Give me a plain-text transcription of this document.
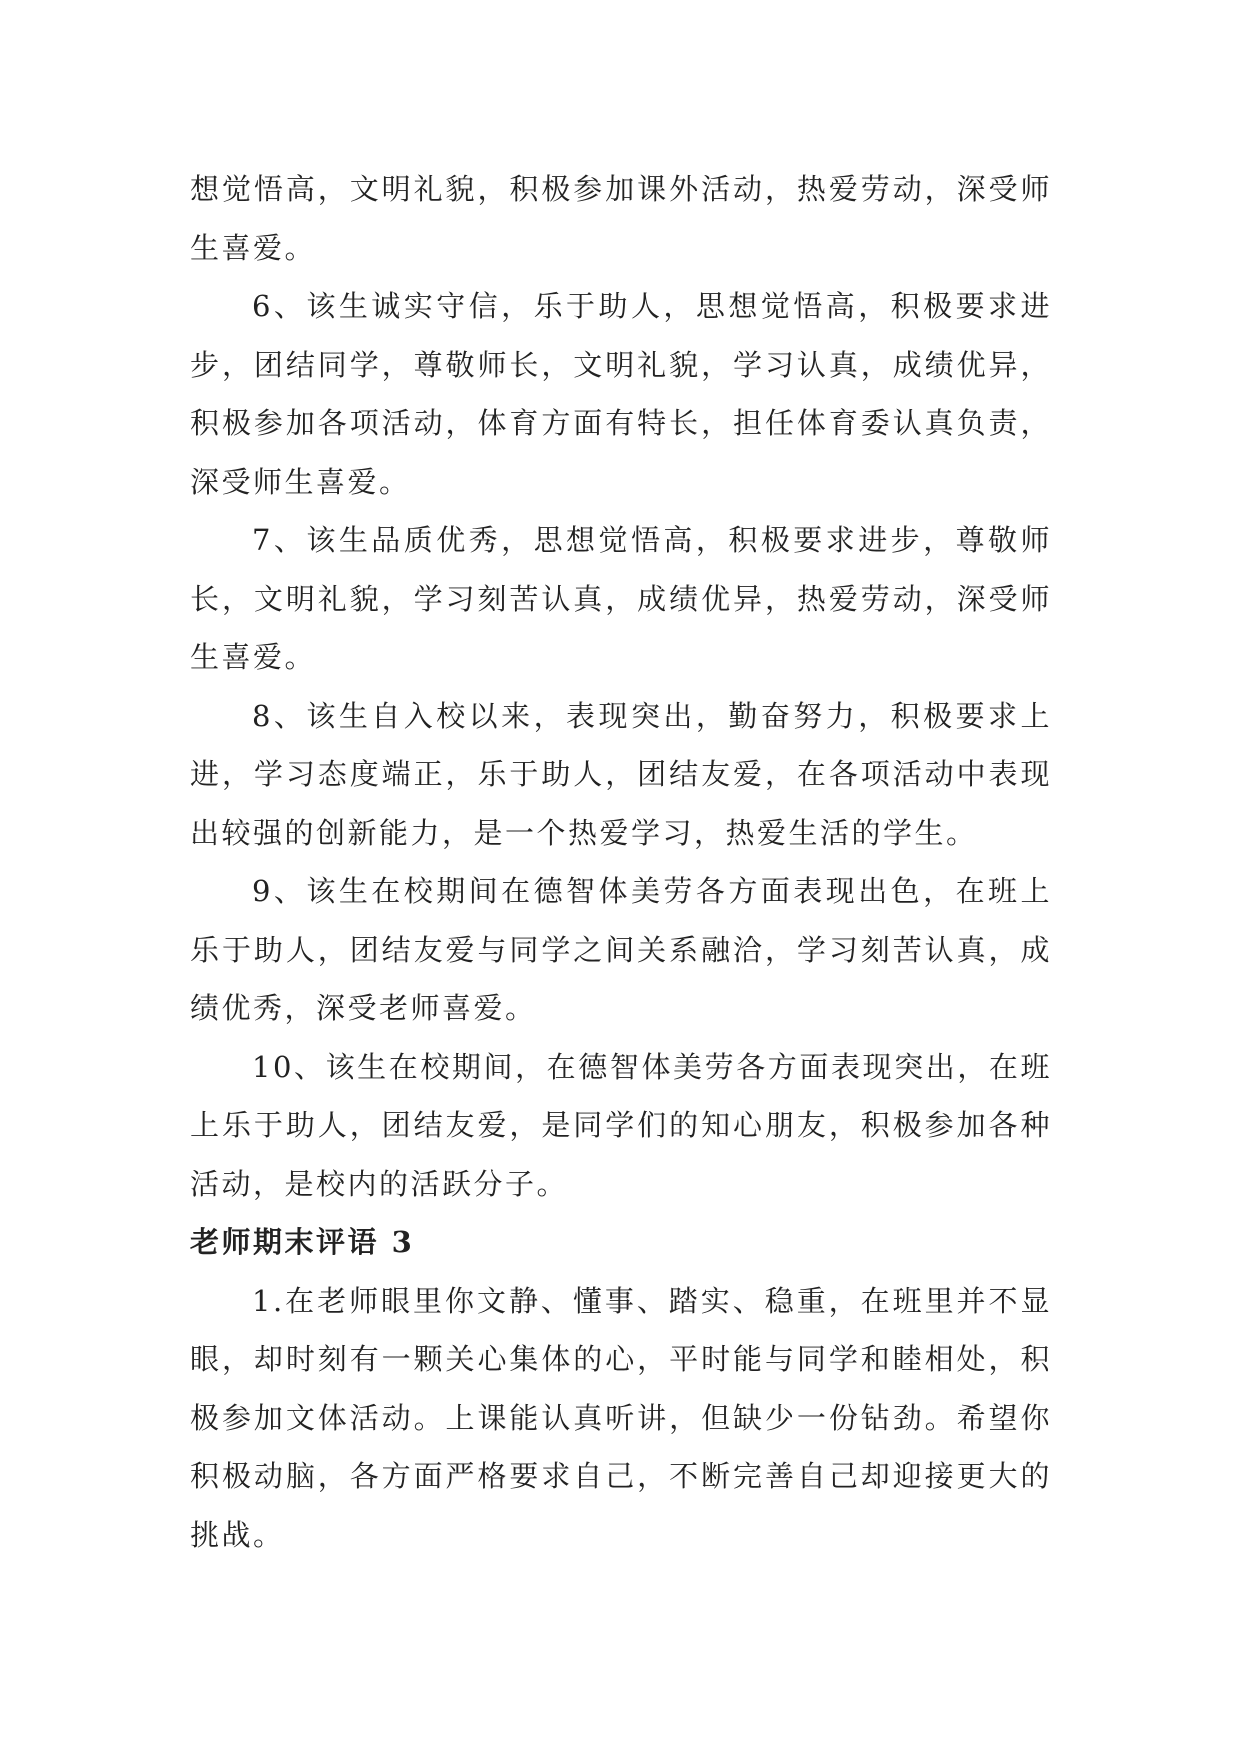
想觉悟高，文明礼貌，积极参加课外活动，热爱劳动，深受师生喜爱。

6、该生诚实守信，乐于助人，思想觉悟高，积极要求进步，团结同学，尊敬师长，文明礼貌，学习认真，成绩优异，积极参加各项活动，体育方面有特长，担任体育委认真负责，深受师生喜爱。

7、该生品质优秀，思想觉悟高，积极要求进步，尊敬师长，文明礼貌，学习刻苦认真，成绩优异，热爱劳动，深受师生喜爱。

8、该生自入校以来，表现突出，勤奋努力，积极要求上进，学习态度端正，乐于助人，团结友爱，在各项活动中表现出较强的创新能力，是一个热爱学习，热爱生活的学生。

9、该生在校期间在德智体美劳各方面表现出色，在班上乐于助人，团结友爱与同学之间关系融洽，学习刻苦认真，成绩优秀，深受老师喜爱。

10、该生在校期间，在德智体美劳各方面表现突出，在班上乐于助人，团结友爱，是同学们的知心朋友，积极参加各种活动，是校内的活跃分子。

老师期末评语 3

1.在老师眼里你文静、懂事、踏实、稳重，在班里并不显眼，却时刻有一颗关心集体的心，平时能与同学和睦相处，积极参加文体活动。上课能认真听讲，但缺少一份钻劲。希望你积极动脑，各方面严格要求自己，不断完善自己却迎接更大的挑战。
